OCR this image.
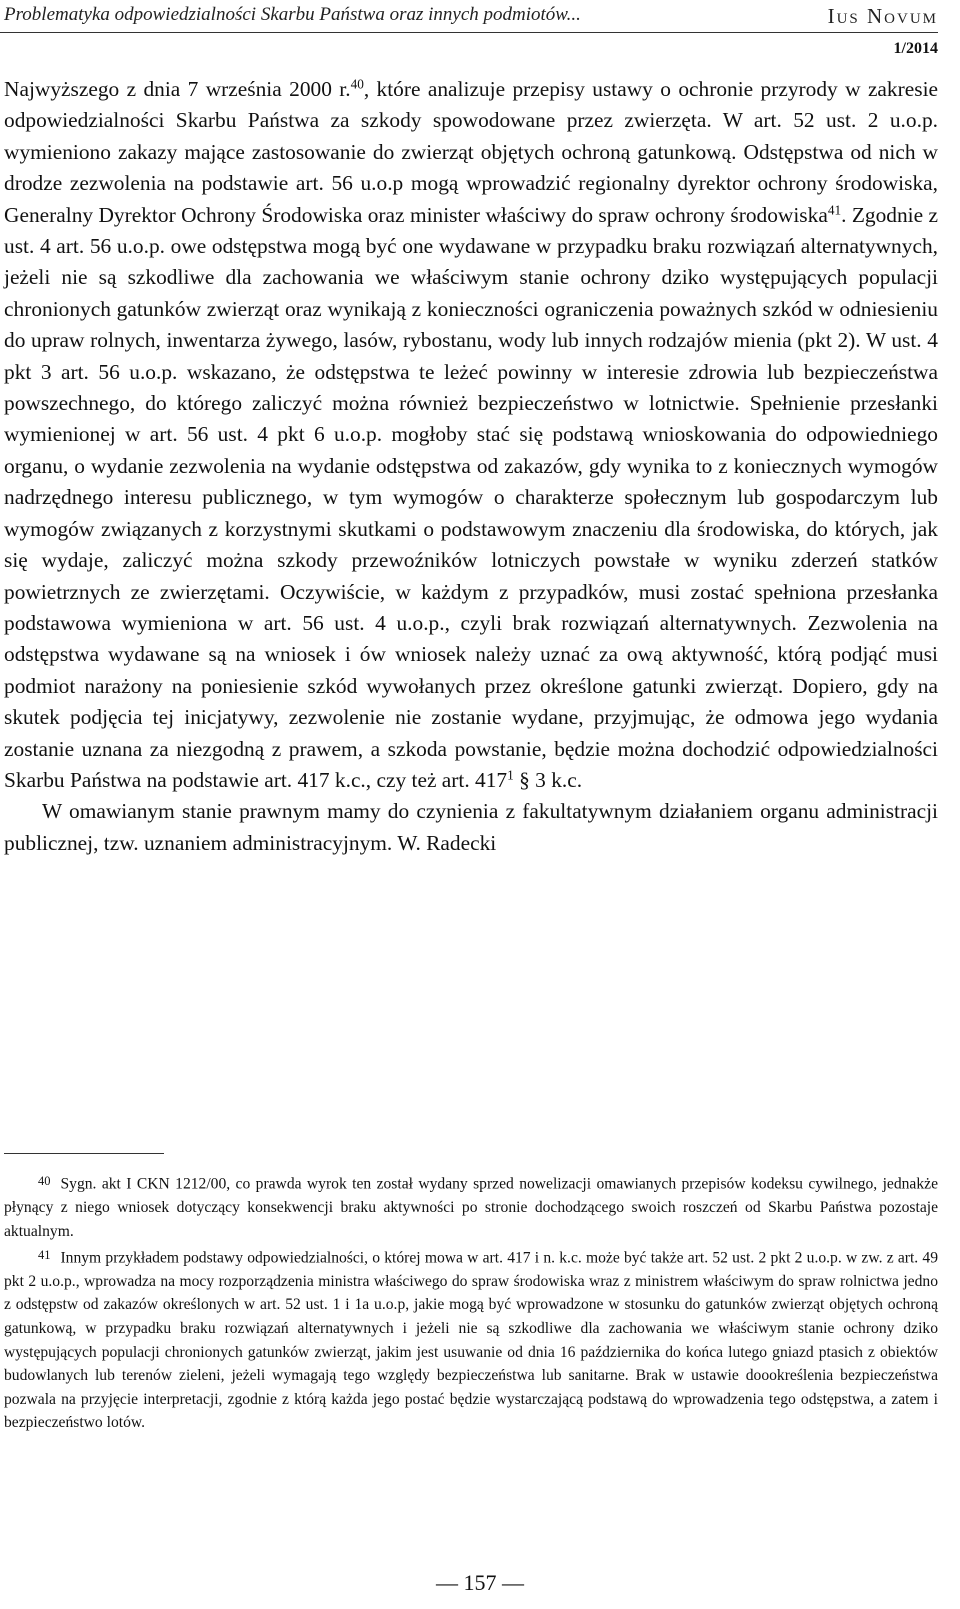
Problematyka odpowiedzialności Skarbu Państwa oraz innych podmiotów...	Ius Novum
1/2014

Najwyższego z dnia 7 września 2000 r.$^{40}$, które analizuje przepisy ustawy o ochronie przyrody w zakresie odpowiedzialności Skarbu Państwa za szkody spowodowane przez zwierzęta. W art. 52 ust. 2 u.o.p. wymieniono zakazy mające zastosowanie do zwierząt objętych ochroną gatunkową. Odstępstwa od nich w drodze zezwolenia na podstawie art. 56 u.o.p mogą wprowadzić regionalny dyrektor ochrony środowiska, Generalny Dyrektor Ochrony Środowiska oraz minister właściwy do spraw ochrony środowiska$^{41}$. Zgodnie z ust. 4 art. 56 u.o.p. owe odstępstwa mogą być one wydawane w przypadku braku rozwiązań alternatywnych, jeżeli nie są szkodliwe dla zachowania we właściwym stanie ochrony dziko występujących populacji chronionych gatunków zwierząt oraz wynikają z konieczności ograniczenia poważnych szkód w odniesieniu do upraw rolnych, inwentarza żywego, lasów, rybostanu, wody lub innych rodzajów mienia (pkt 2). W ust. 4 pkt 3 art. 56 u.o.p. wskazano, że odstępstwa te leżeć powinny w interesie zdrowia lub bezpieczeństwa powszechnego, do którego zaliczyć można również bezpieczeństwo w lotnictwie. Spełnienie przesłanki wymienionej w art. 56 ust. 4 pkt 6 u.o.p. mogłoby stać się podstawą wnioskowania do odpowiedniego organu, o wydanie zezwolenia na wydanie odstępstwa od zakazów, gdy wynika to z koniecznych wymogów nadrzędnego interesu publicznego, w tym wymogów o charakterze społecznym lub gospodarczym lub wymogów związanych z korzystnymi skutkami o podstawowym znaczeniu dla środowiska, do których, jak się wydaje, zaliczyć można szkody przewoźników lotniczych powstałe w wyniku zderzeń statków powietrznych ze zwierzętami. Oczywiście, w każdym z przypadków, musi zostać spełniona przesłanka podstawowa wymieniona w art. 56 ust. 4 u.o.p., czyli brak rozwiązań alternatywnych. Zezwolenia na odstępstwa wydawane są na wniosek i ów wniosek należy uznać za ową aktywność, którą podjąć musi podmiot narażony na poniesienie szkód wywołanych przez określone gatunki zwierząt. Dopiero, gdy na skutek podjęcia tej inicjatywy, zezwolenie nie zostanie wydane, przyjmując, że odmowa jego wydania zostanie uznana za niezgodną z prawem, a szkoda powstanie, będzie można dochodzić odpowiedzialności Skarbu Państwa na podstawie art. 417 k.c., czy też art. $417^1$ § 3 k.c.

W omawianym stanie prawnym mamy do czynienia z fakultatywnym działaniem organu administracji publicznej, tzw. uznaniem administracyjnym. W. Radecki

$^{40}$ Sygn. akt I CKN 1212/00, co prawda wyrok ten został wydany sprzed nowelizacji omawianych przepisów kodeksu cywilnego, jednakże płynący z niego wniosek dotyczący konsekwencji braku aktywności po stronie dochodzącego swoich roszczeń od Skarbu Państwa pozostaje aktualnym.

$^{41}$ Innym przykładem podstawy odpowiedzialności, o której mowa w art. 417 i n. k.c. może być także art. 52 ust. 2 pkt 2 u.o.p. w zw. z art. 49 pkt 2 u.o.p., wprowadza na mocy rozporządzenia ministra właściwego do spraw środowiska wraz z ministrem właściwym do spraw rolnictwa jedno z odstępstw od zakazów określonych w art. 52 ust. 1 i 1a u.o.p, jakie mogą być wprowadzone w stosunku do gatunków zwierząt objętych ochroną gatunkową, w przypadku braku rozwiązań alternatywnych i jeżeli nie są szkodliwe dla zachowania we właściwym stanie ochrony dziko występujących populacji chronionych gatunków zwierząt, jakim jest usuwanie od dnia 16 października do końca lutego gniazd ptasich z obiektów budowlanych lub terenów zieleni, jeżeli wymagają tego względy bezpieczeństwa lub sanitarne. Brak w ustawie doookreślenia bezpieczeństwa pozwala na przyjęcie interpretacji, zgodnie z którą każda jego postać będzie wystarczającą podstawą do wprowadzenia tego odstępstwa, a zatem i bezpieczeństwo lotów.

— 157 —
